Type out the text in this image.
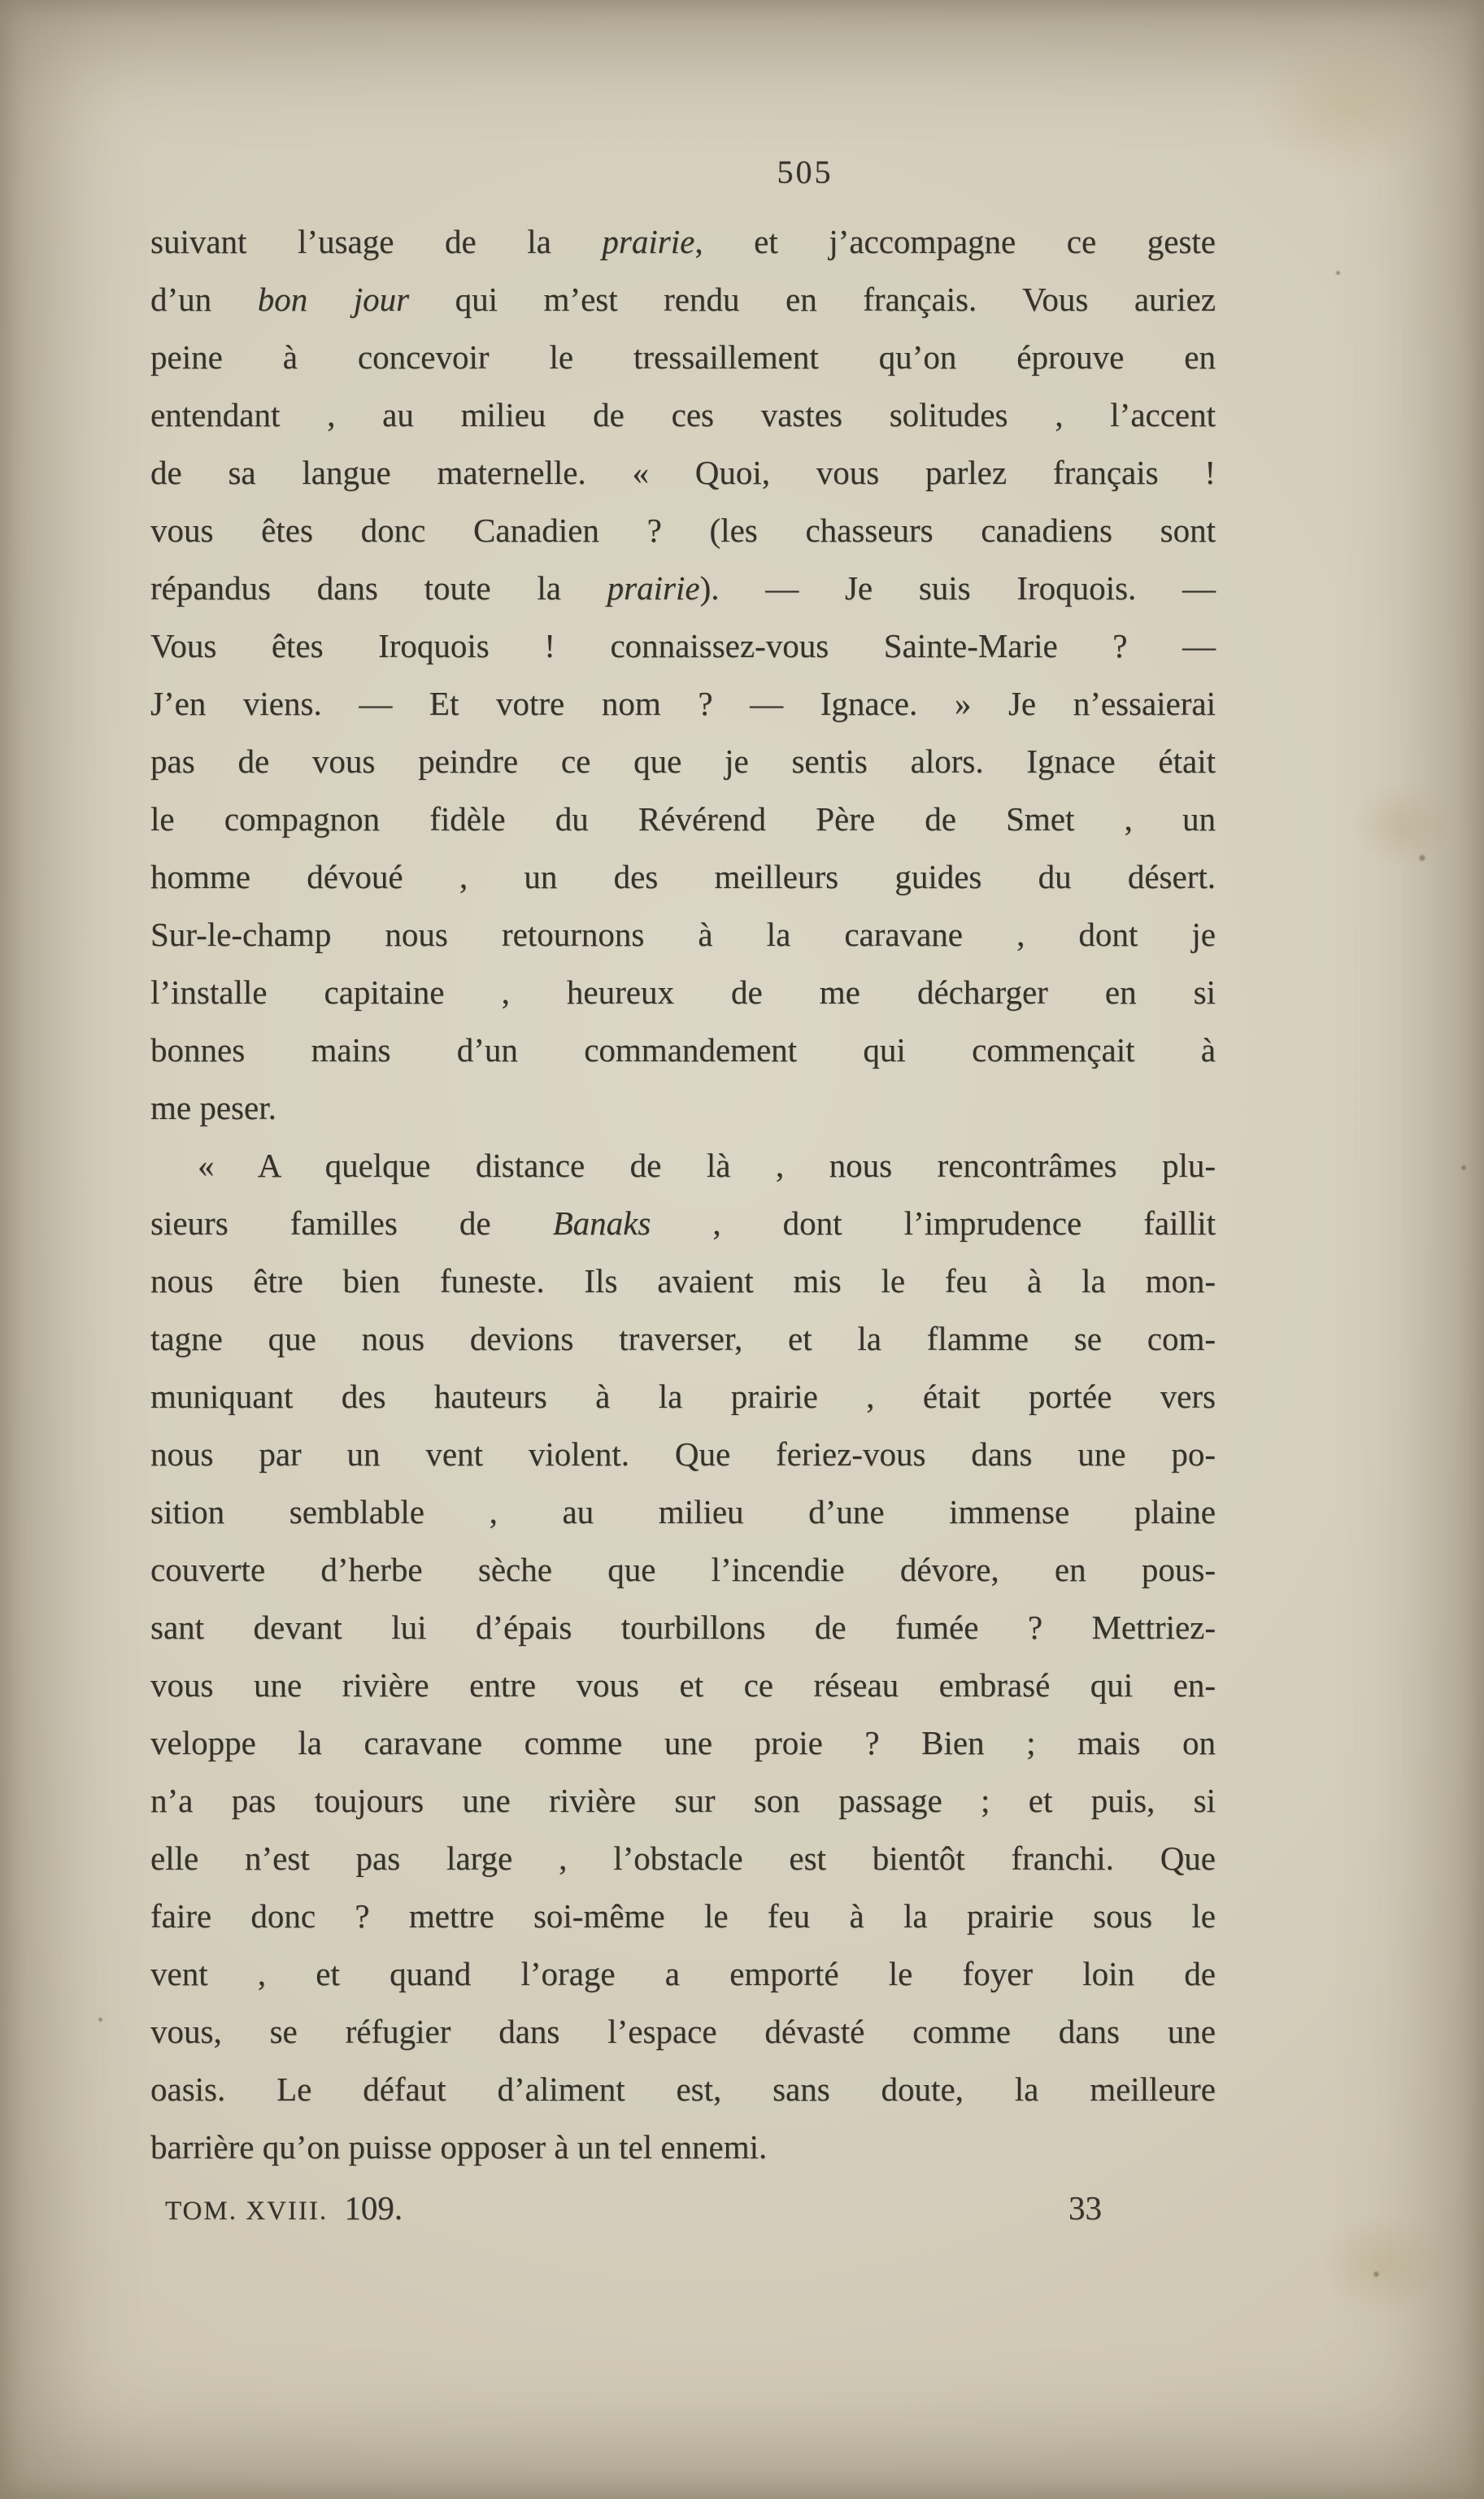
505
suivant l’usage de la prairie, et j’accompagne ce geste
d’un bon jour qui m’est rendu en français. Vous auriez
peine à concevoir le tressaillement qu’on éprouve en
entendant , au milieu de ces vastes solitudes , l’accent
de sa langue maternelle. « Quoi, vous parlez français !
vous êtes donc Canadien ? (les chasseurs canadiens sont
répandus dans toute la prairie). — Je suis Iroquois. —
Vous êtes Iroquois ! connaissez-vous Sainte-Marie ? —
J’en viens. — Et votre nom ? — Ignace. » Je n’essaierai
pas de vous peindre ce que je sentis alors. Ignace était
le compagnon fidèle du Révérend Père de Smet , un
homme dévoué , un des meilleurs guides du désert.
Sur-le-champ nous retournons à la caravane , dont je
l’installe capitaine , heureux de me décharger en si
bonnes mains d’un commandement qui commençait à
me peser.
« A quelque distance de là , nous rencontrâmes plu-
sieurs familles de Banaks , dont l’imprudence faillit
nous être bien funeste. Ils avaient mis le feu à la mon-
tagne que nous devions traverser, et la flamme se com-
muniquant des hauteurs à la prairie , était portée vers
nous par un vent violent. Que feriez-vous dans une po-
sition semblable , au milieu d’une immense plaine
couverte d’herbe sèche que l’incendie dévore, en pous-
sant devant lui d’épais tourbillons de fumée ? Mettriez-
vous une rivière entre vous et ce réseau embrasé qui en-
veloppe la caravane comme une proie ? Bien ; mais on
n’a pas toujours une rivière sur son passage ; et puis, si
elle n’est pas large , l’obstacle est bientôt franchi. Que
faire donc ? mettre soi-même le feu à la prairie sous le
vent , et quand l’orage a emporté le foyer loin de
vous, se réfugier dans l’espace dévasté comme dans une
oasis. Le défaut d’aliment est, sans doute, la meilleure
barrière qu’on puisse opposer à un tel ennemi.
TOM. XVIII. 109.	33
